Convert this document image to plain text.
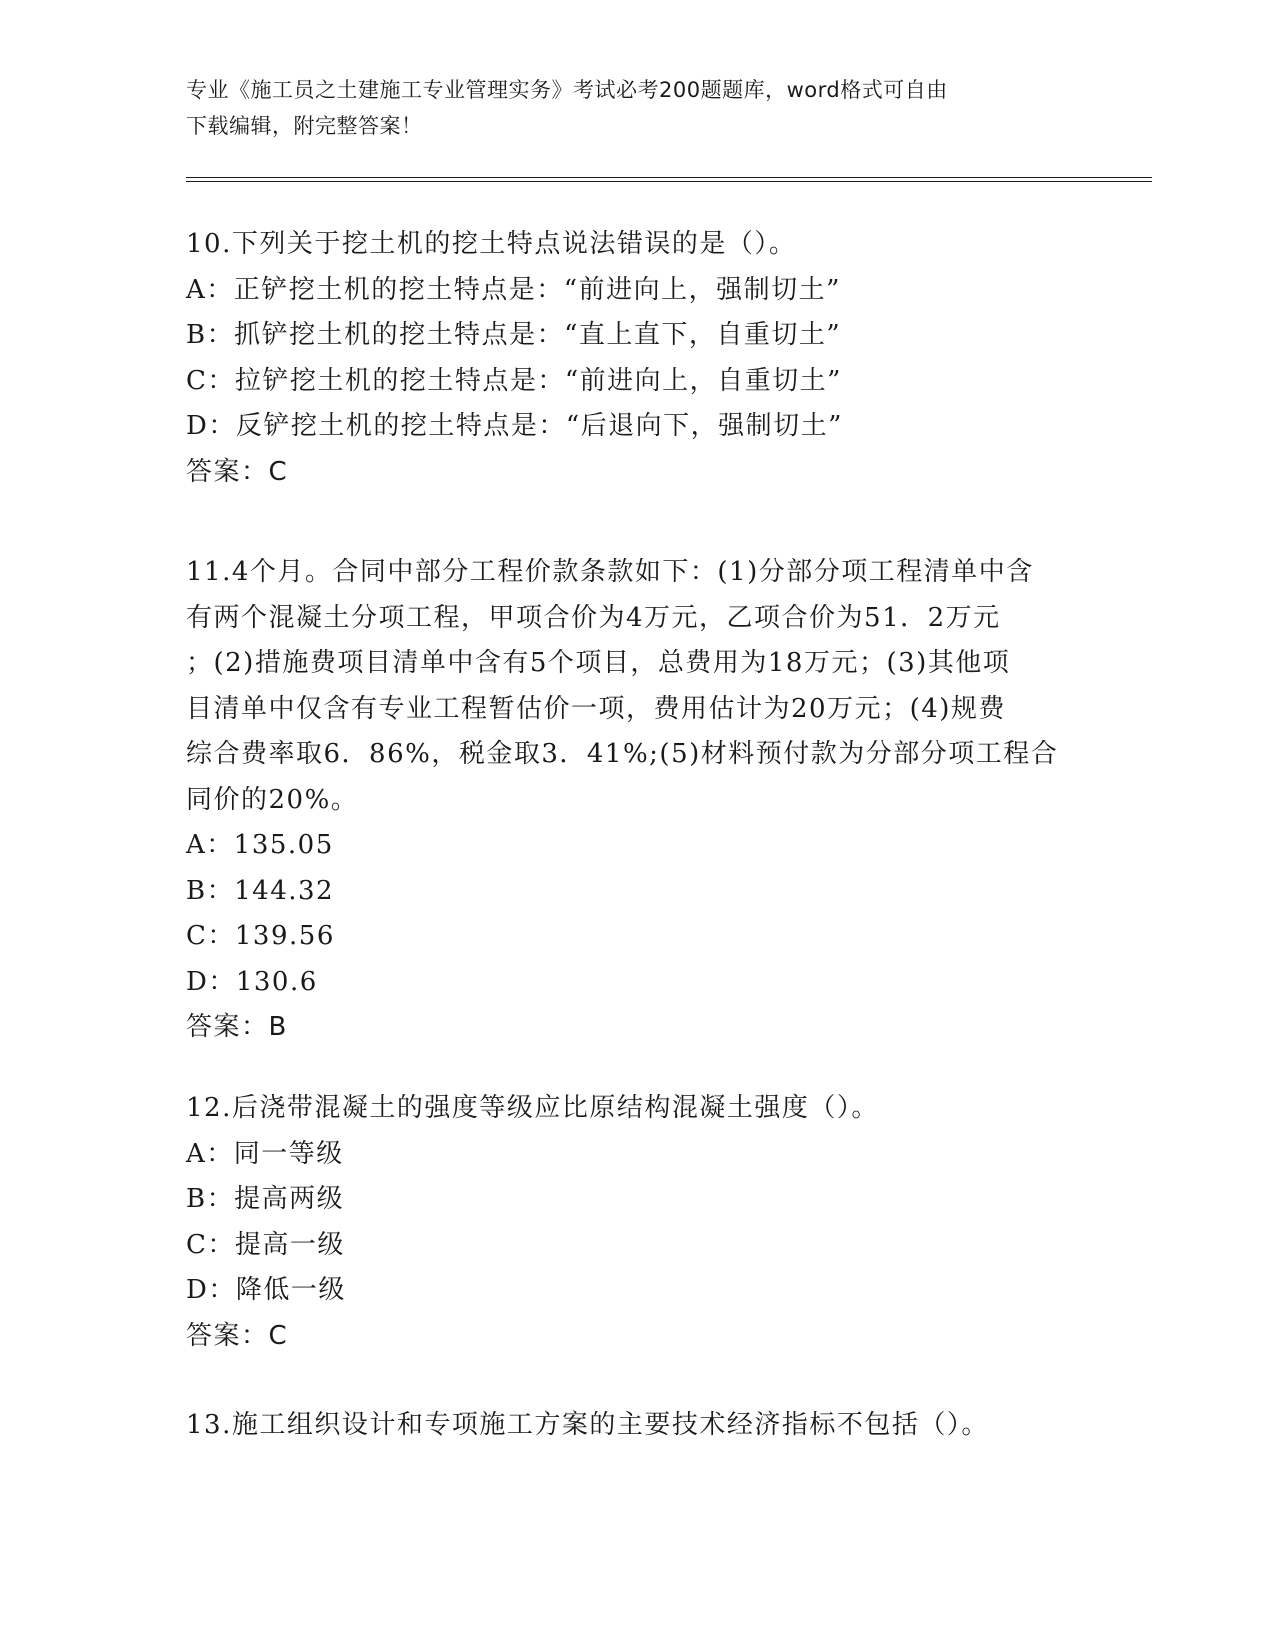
专业《施工员之土建施工专业管理实务》考试必考200题题库，word格式可自由
下载编辑，附完整答案！
10.下列关于挖土机的挖土特点说法错误的是（）。
A：正铲挖土机的挖土特点是：“前进向上，强制切土”
B：抓铲挖土机的挖土特点是：“直上直下，自重切土”
C：拉铲挖土机的挖土特点是：“前进向上，自重切土”
D：反铲挖土机的挖土特点是：“后退向下，强制切土”
答案：C
11.4个月。合同中部分工程价款条款如下：(1)分部分项工程清单中含
有两个混凝土分项工程，甲项合价为4万元，乙项合价为51．2万元
；(2)措施费项目清单中含有5个项目，总费用为18万元；(3)其他项
目清单中仅含有专业工程暂估价一项，费用估计为20万元；(4)规费
综合费率取6．86%，税金取3．41%;(5)材料预付款为分部分项工程合
同价的20%。
A：135.05
B：144.32
C：139.56
D：130.6
答案：B
12.后浇带混凝土的强度等级应比原结构混凝土强度（）。
A：同一等级
B：提高两级
C：提高一级
D：降低一级
答案：C
13.施工组织设计和专项施工方案的主要技术经济指标不包括（）。
